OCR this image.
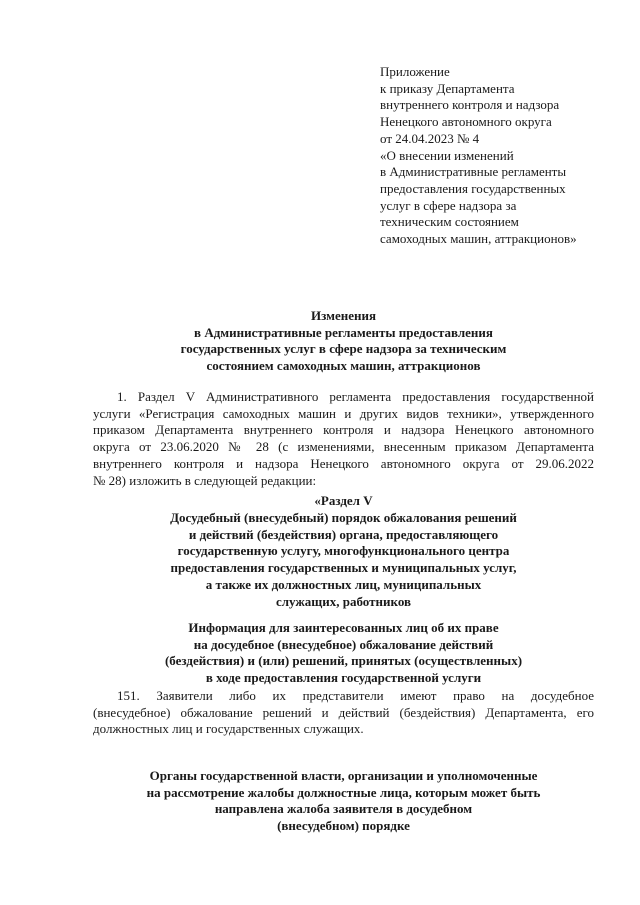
Приложение
к приказу Департамента
внутреннего контроля и надзора
Ненецкого автономного округа
от 24.04.2023 № 4
«О внесении изменений
в Административные регламенты
предоставления государственных
услуг в сфере надзора за
техническим состоянием
самоходных машин, аттракционов»
Изменения
в Административные регламенты предоставления
государственных услуг в сфере надзора за техническим
состоянием самоходных машин, аттракционов
1. Раздел V Административного регламента предоставления государственной
услуги «Регистрация самоходных машин и других видов техники», утвержденного
приказом Департамента внутреннего контроля и надзора Ненецкого автономного
округа от 23.06.2020 № 28 (с изменениями, внесенным приказом Департамента
внутреннего контроля и надзора Ненецкого автономного округа от 29.06.2022
№ 28) изложить в следующей редакции:
«Раздел V
Досудебный (внесудебный) порядок обжалования решений
и действий (бездействия) органа, предоставляющего
государственную услугу, многофункционального центра
предоставления государственных и муниципальных услуг,
а также их должностных лиц, муниципальных
служащих, работников
Информация для заинтересованных лиц об их праве
на досудебное (внесудебное) обжалование действий
(бездействия) и (или) решений, принятых (осуществленных)
в ходе предоставления государственной услуги
151. Заявители либо их представители имеют право на досудебное
(внесудебное) обжалование решений и действий (бездействия) Департамента, его
должностных лиц и государственных служащих.
Органы государственной власти, организации и уполномоченные
на рассмотрение жалобы должностные лица, которым может быть
направлена жалоба заявителя в досудебном
(внесудебном) порядке
